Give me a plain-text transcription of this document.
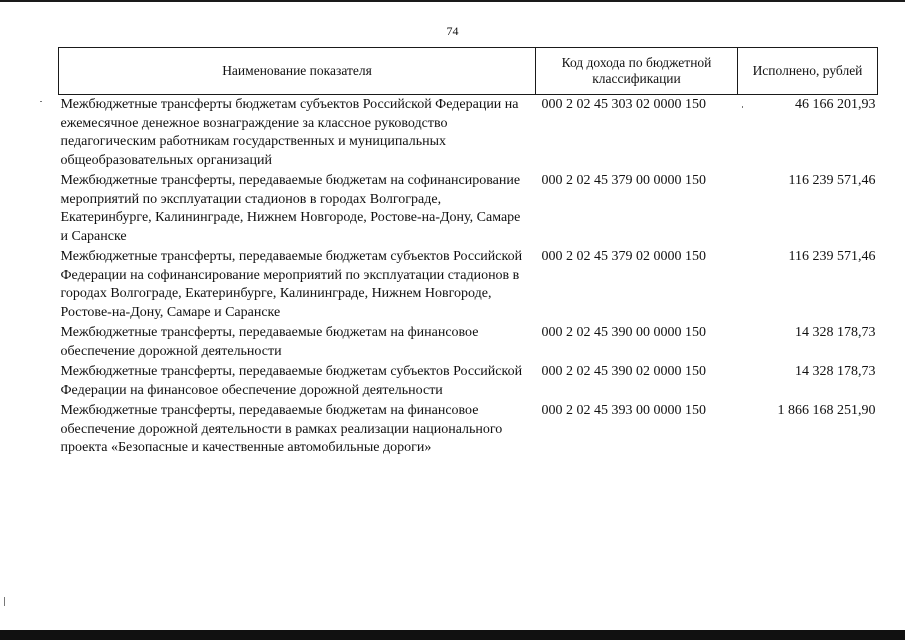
74
Наименование показателя	Код дохода по бюджетной классификации	Исполнено, рублей
Межбюджетные трансферты бюджетам субъектов Российской Федерации на ежемесячное денежное вознаграждение за классное руководство педагогическим работникам государственных и муниципальных общеобразовательных организаций	000 2 02 45 303 02 0000 150	46 166 201,93
Межбюджетные трансферты, передаваемые бюджетам на софинансирование мероприятий по эксплуатации стадионов в городах Волгограде, Екатеринбурге, Калининграде, Нижнем Новгороде, Ростове-на-Дону, Самаре и Саранске	000 2 02 45 379 00 0000 150	116 239 571,46
Межбюджетные трансферты, передаваемые бюджетам субъектов Российской Федерации на софинансирование мероприятий по эксплуатации стадионов в городах Волгограде, Екатеринбурге, Калининграде, Нижнем Новгороде, Ростове-на-Дону, Самаре и Саранске	000 2 02 45 379 02 0000 150	116 239 571,46
Межбюджетные трансферты, передаваемые бюджетам на финансовое обеспечение дорожной деятельности	000 2 02 45 390 00 0000 150	14 328 178,73
Межбюджетные трансферты, передаваемые бюджетам субъектов Российской Федерации на финансовое обеспечение дорожной деятельности	000 2 02 45 390 02 0000 150	14 328 178,73
Межбюджетные трансферты, передаваемые бюджетам на финансовое обеспечение дорожной деятельности в рамках реализации национального проекта «Безопасные и качественные автомобильные дороги»	000 2 02 45 393 00 0000 150	1 866 168 251,90
